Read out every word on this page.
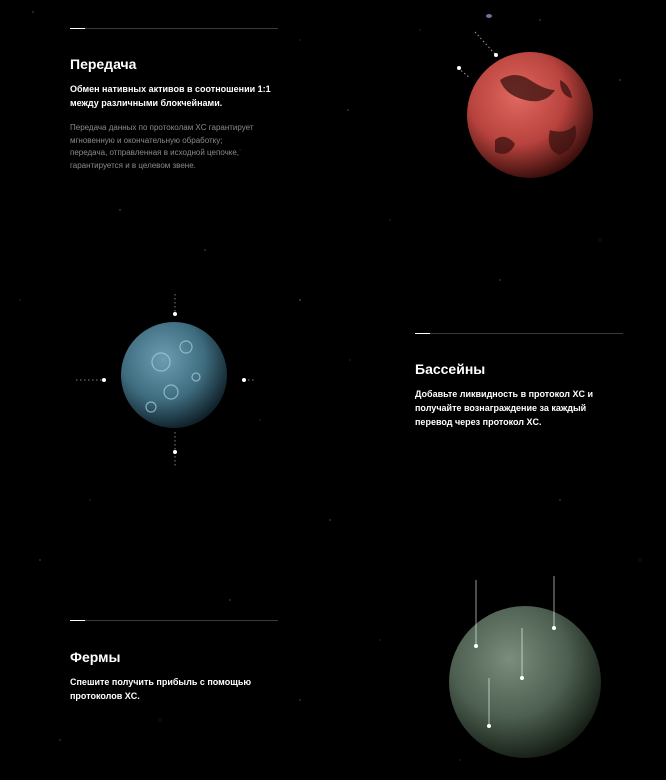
Передача

Обмен нативных активов в соотношении 1:1

между различными блокчейнами.

Передача данных по протоколам XC гарантирует

мгновенную и окончательную обработку;

передача, отправленная в исходной цепочке,

гарантируется и в целевом звене.

Бассейны

Добавьте ликвидность в протокол XC и

получайте вознаграждение за каждый

перевод через протокол XC.

Фермы

Спешите получить прибыль с помощью

протоколов XC.
